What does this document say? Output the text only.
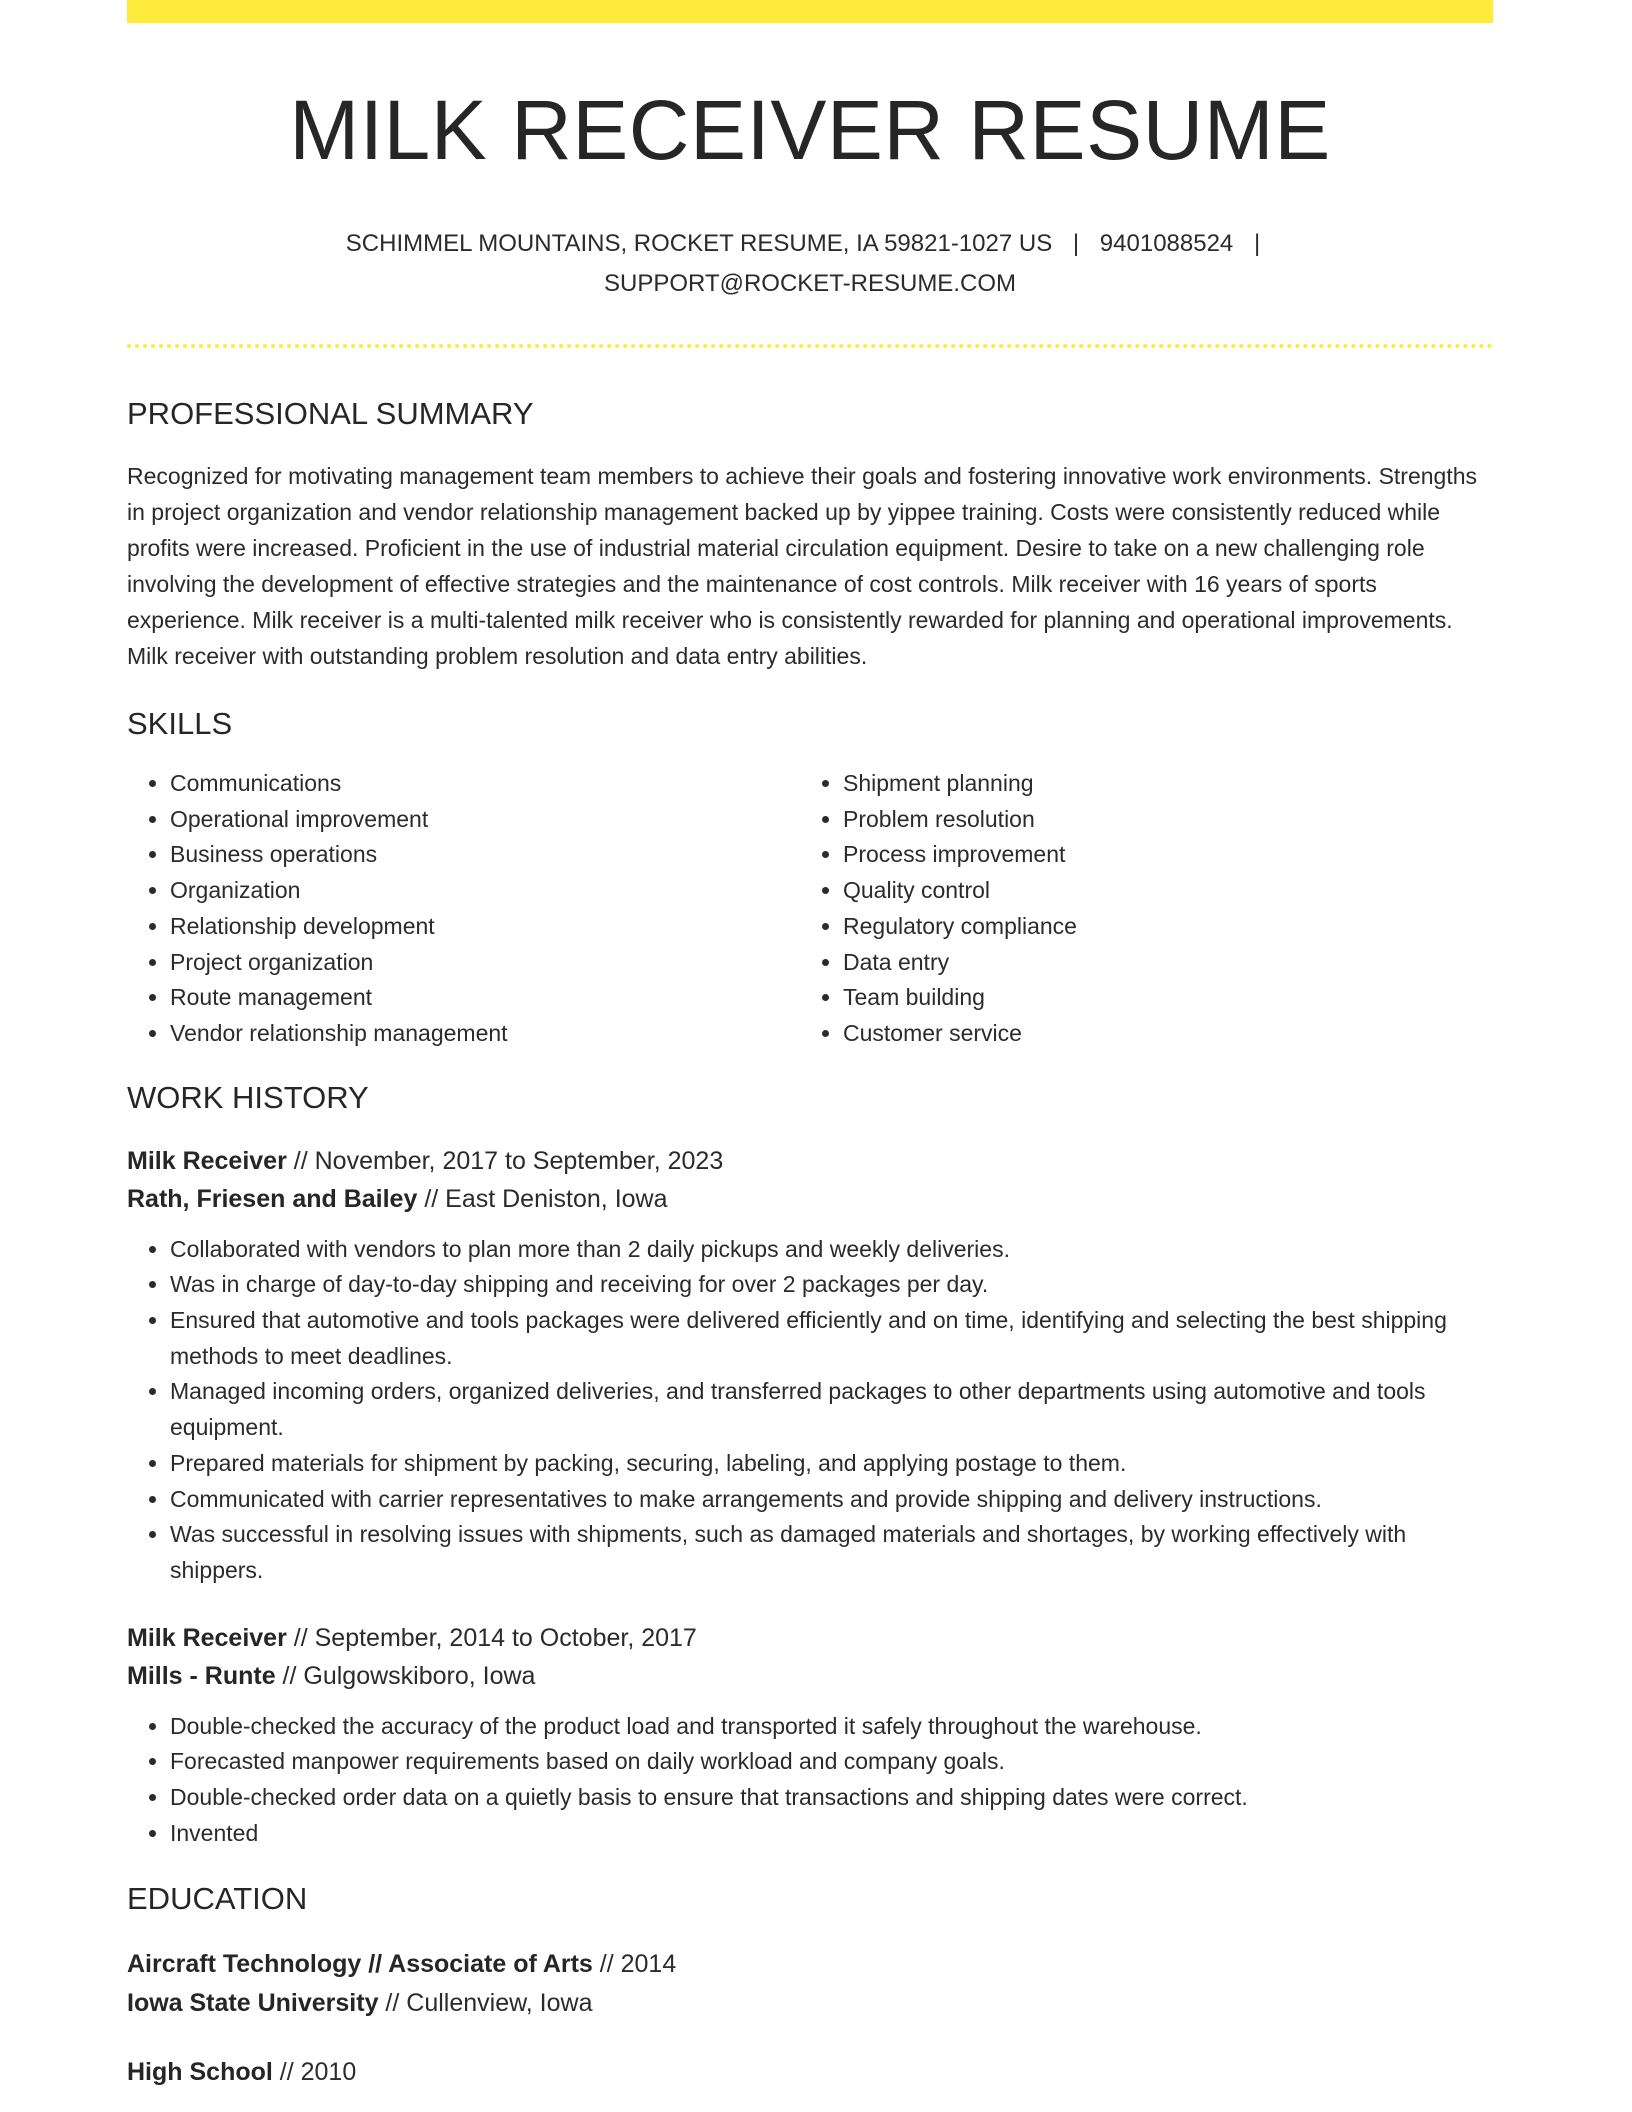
MILK RECEIVER RESUME
SCHIMMEL MOUNTAINS, ROCKET RESUME, IA 59821-1027 US | 9401088524 |
SUPPORT@ROCKET-RESUME.COM
PROFESSIONAL SUMMARY

Recognized for motivating management team members to achieve their goals and fostering innovative work environments. Strengths in project organization and vendor relationship management backed up by yippee training. Costs were consistently reduced while profits were increased. Proficient in the use of industrial material circulation equipment. Desire to take on a new challenging role involving the development of effective strategies and the maintenance of cost controls. Milk receiver with 16 years of sports experience. Milk receiver is a multi-talented milk receiver who is consistently rewarded for planning and operational improvements. Milk receiver with outstanding problem resolution and data entry abilities.

SKILLS
• Communications
• Operational improvement
• Business operations
• Organization
• Relationship development
• Project organization
• Route management
• Vendor relationship management
• Shipment planning
• Problem resolution
• Process improvement
• Quality control
• Regulatory compliance
• Data entry
• Team building
• Customer service
WORK HISTORY
Milk Receiver // November, 2017 to September, 2023
Rath, Friesen and Bailey // East Deniston, Iowa
• Collaborated with vendors to plan more than 2 daily pickups and weekly deliveries.
• Was in charge of day-to-day shipping and receiving for over 2 packages per day.
• Ensured that automotive and tools packages were delivered efficiently and on time, identifying and selecting the best shipping methods to meet deadlines.
• Managed incoming orders, organized deliveries, and transferred packages to other departments using automotive and tools equipment.
• Prepared materials for shipment by packing, securing, labeling, and applying postage to them.
• Communicated with carrier representatives to make arrangements and provide shipping and delivery instructions.
• Was successful in resolving issues with shipments, such as damaged materials and shortages, by working effectively with shippers.
Milk Receiver // September, 2014 to October, 2017
Mills - Runte // Gulgowskiboro, Iowa
• Double-checked the accuracy of the product load and transported it safely throughout the warehouse.
• Forecasted manpower requirements based on daily workload and company goals.
• Double-checked order data on a quietly basis to ensure that transactions and shipping dates were correct.
• Invented
EDUCATION
Aircraft Technology // Associate of Arts // 2014
Iowa State University // Cullenview, Iowa
High School // 2010
